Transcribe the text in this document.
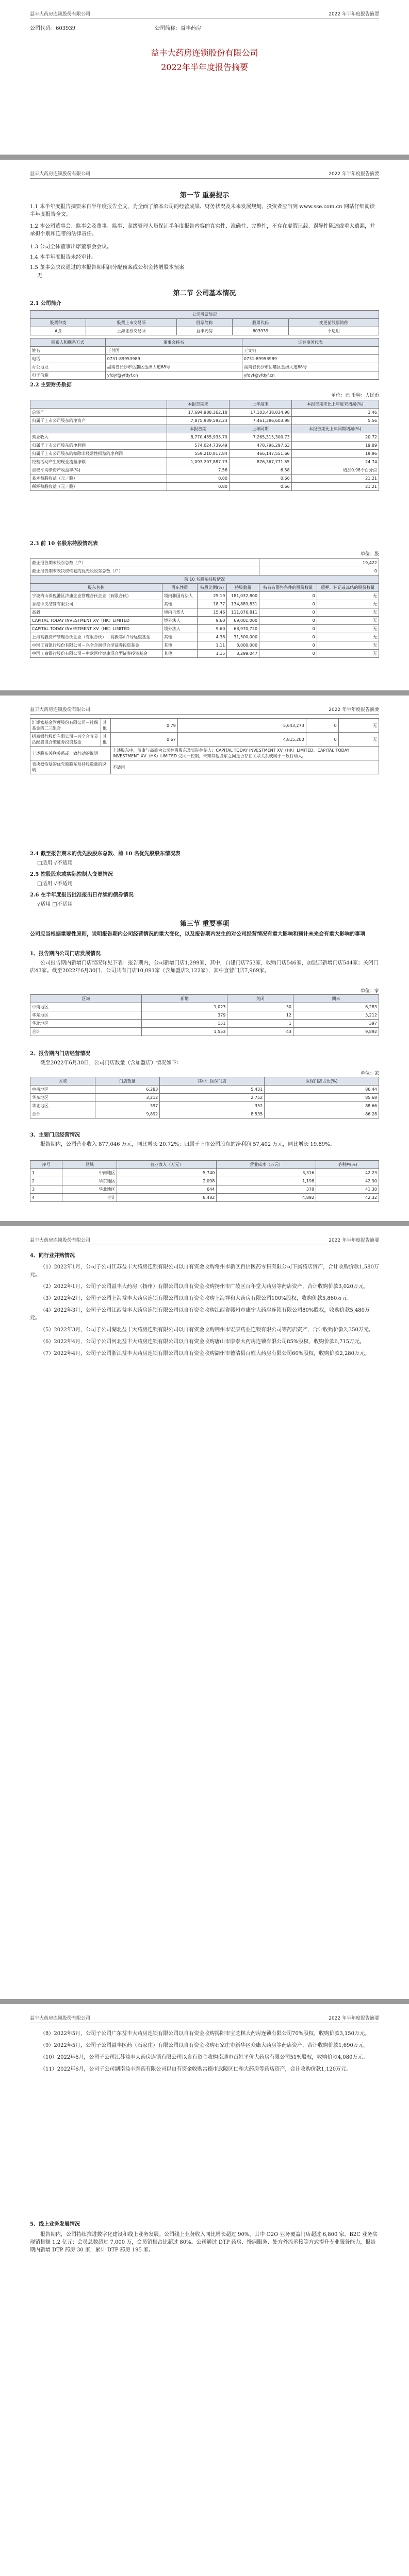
益丰大药房连锁股份有限公司	2022 年半年度报告摘要
公司代码：603939	公司简称：益丰药房
益丰大药房连锁股份有限公司
2022年半年度报告摘要
益丰大药房连锁股份有限公司	2022 年半年度报告摘要
第一节 重要提示
1.1 本半年度报告摘要来自半年度报告全文，为全面了解本公司的经营成果、财务状况及未来发展规划，投资者应当到 www.sse.com.cn 网站仔细阅读半年度报告全文。
1.2 本公司董事会、监事会及董事、监事、高级管理人员保证半年度报告内容的真实性、准确性、完整性，不存在虚假记载、误导性陈述或重大遗漏，并承担个别和连带的法律责任。
1.3 公司全体董事出席董事会会议。
1.4 本半年度报告未经审计。
1.5 董事会决议通过的本报告期利润分配预案或公积金转增股本预案
无
第二节 公司基本情况
2.1 公司简介
公司股票简况				
股票种类	股票上市交易所	股票简称	股票代码	变更前股票简称
A股	上海证券交易所	益丰药房	603939	不适用
联系人和联系方式	董事会秘书	证券事务代表
姓名	王付国	王文钿
电话	0731-89953989	0731-89953989
办公地址	湖南省长沙市岳麓区金洲大道68号	湖南省长沙市岳麓区金洲大道68号
电子信箱	yfdyf@yfdyf.cn	yfdyf@yfdyf.cn
2.2 主要财务数据
单位：元 币种：人民币
	本报告期末	上年度末	本报告期末比上年度末增减(%)
总资产	17,694,988,362.18	17,103,438,834.98	3.46
归属于上市公司股东的净资产	7,875,939,592.23	7,461,386,603.98	5.56
	本报告期	上年同期	本报告期比上年同期增减(%)
营业收入	8,770,455,935.79	7,265,315,300.73	20.72
归属于上市公司股东的净利润	574,024,739.49	478,796,297.63	19.89
归属于上市公司股东的扣除非经常性损益的净利润	559,210,817.84	466,147,551.66	19.96
经营活动产生的现金流量净额	1,093,207,887.73	876,367,771.55	24.74
加权平均净资产收益率(%)	7.56	6.58	增加0.98个百分点
基本每股收益（元／股）	0.80	0.66	21.21
稀释每股收益（元／股）	0.80	0.66	21.21
2.3 前 10 名股东持股情况表
单位：股
截止报告期末股东总数（户）				19,422	
截止报告期末表决权恢复的优先股股东总数（户）				0	
前 10 名股东持股情况					
股东名称	股东性质	持股比例(%)	持股数量	持有有限售条件的股份数量	质押、标记或冻结的股份数量
宁波梅山保税港区济康企业管理合伙企业（有限合伙）	境内非国有法人	25.19	181,032,800	0	无
香港中央结算有限公司	其他	18.77	134,889,831	0	无
高毅	境内自然人	15.46	111,076,811	0	无
CAPITAL TODAY INVESTMENT XV（HK）LIMITED	境外法人	9.60	69,001,000	0	无
CAPITAL TODAY INVESTMENT XV（HK）LIMITED	境外法人	9.60	68,970,720	0	无
上海高毅资产管理合伙企业（有限合伙）－高毅邻山1号远望基金	其他	4.38	31,500,000	0	无
中国工商银行股份有限公司－兴全合润混合型证券投资基金	其他	1.11	8,000,000	0	无
中国工商银行股份有限公司－中欧医疗健康混合型证券投资基金	其他	1.15	8,299,047	0	无
益丰大药房连锁股份有限公司	2022 年半年度报告摘要
汇添富基金管理股份有限公司－社保基金四二三组合	其他	0.79	5,643,273	0	无
招商银行股份有限公司－兴全合宜灵活配置混合型证券投资基金	其他	0.67	4,815,200	0	无
上述股东关联关系或一致行动的说明		上述股东中，济康与高毅为公司控股股东及实际控制人；CAPITAL TODAY INVESTMENT XV（HK）LIMITED、CAPITAL TODAY INVESTMENT XV（HK）LIMITED 受同一控制，未知其他股东之间是否存在关联关系或属于一致行动人。			
表决权恢复的优先股股东及持股数量的说明		不适用			
2.4 截至报告期末的优先股股东总数、前 10 名优先股股东情况表
□适用 √不适用
2.5 控股股东或实际控制人变更情况
□适用 √不适用
2.6 在半年度报告批准报出日存续的债券情况
√适用 □不适用
第三节 重要事项
公司应当根据重要性原则，说明报告期内公司经营情况的重大变化，以及报告期内发生的对公司经营情况有重大影响和预计未来会有重大影响的事项
1、报告期内公司门店发展情况
公司报告期内新增门店情况详见下表：报告期内，公司新增门店1,299家，其中，自建门店753家，收购门店546家，加盟店新增门店544家；关闭门店43家。截至2022年6月30日，公司共有门店10,091家（含加盟店2,122家），其中直营门店7,969家。
单位：家
区域	新增	关闭	期末
中南地区	1,023	30	6,283
华东地区	379	12	3,212
华北地区	151	1	397
合计	1,553	43	9,892
2、报告期内门店经营情况
截至2022年6月30日，公司门店数量（含加盟店）情况如下：
单位：家
区域	门店数量	其中：医保门店	医保门店占比(%)
中南地区	6,283	5,431	86.44
华东地区	3,212	2,752	85.68
华北地区	397	352	88.66
合计	9,892	8,535	86.28
3、主要门店经营情况
报告期内，公司营业收入 877,046 万元，同比增长 20.72%；归属于上市公司股东的净利润 57,402 万元，同比增长 19.89%。
序号	区域	营业收入（万元）	营业成本（万元）	毛利率(%)
1	中南地区	5,740	3,316	42.23
2	华东地区	2,098	1,198	42.90
3	华北地区	644	378	41.30
4	合计	8,482	4,892	42.32
益丰大药房连锁股份有限公司	2022 年半年度报告摘要
4、同行业并购情况
（1）2022年1月，公司子公司江苏益丰大药房连锁有限公司以自有资金收购常州市新区百信医药零售有限公司下属药店资产，合计收购价款1,580万元。
（2）2022年1月，公司子公司益丰大药房（扬州）有限公司以自有资金收购扬州市广陵区百年堂大药房等药店资产，合计收购价款3,020万元。
（3）2022年2月，公司子公司上海益丰大药房连锁有限公司以自有资金收购上海祥和大药房有限公司100%股权，收购价款5,860万元。
（4）2022年3月，公司子公司江西益丰大药房连锁有限公司以自有资金收购江西省赣州市康宁大药房连锁有限公司80%股权，收购价款5,480万元。
（5）2022年3月，公司子公司湖北益丰大药房连锁有限公司以自有资金收购荆州市宏康药业连锁有限公司等药店资产，合计收购价款2,350万元。
（6）2022年4月，公司子公司河北益丰大药房连锁有限公司以自有资金收购唐山市康泰大药房连锁有限公司85%股权，收购价款6,715万元。
（7）2022年4月，公司子公司浙江益丰大药房连锁有限公司以自有资金收购湖州市德清县百姓大药房有限公司60%股权，收购价款2,280万元。
益丰大药房连锁股份有限公司	2022 年半年度报告摘要
（8）2022年5月，公司子公司广东益丰大药房连锁有限公司以自有资金收购揭阳市宝芝林大药房连锁有限公司70%股权，收购价款3,150万元。
（9）2022年5月，公司子公司益丰医药（石家庄）有限公司以自有资金收购石家庄市新华区众康大药房等药店资产，合计收购价款1,690万元。
（10）2022年6月，公司子公司江苏益丰大药房连锁有限公司以自有资金收购南通市百姓平价大药房有限公司51%股权，收购价款4,080万元。
（11）2022年6月，公司子公司湖南益丰医药有限公司以自有资金收购常德市武陵区仁和大药房等药店资产，合计收购价款1,120万元。
5、线上业务发展情况
报告期内，公司持续推进数字化建设和线上业务发展。公司线上业务收入同比增长超过 90%，其中 O2O 业务覆盖门店超过 6,800 家，B2C 业务实现销售额 1.2 亿元；会员总数超过 7,000 万，会员销售占比超过 80%。公司通过 DTP 药房、慢病服务、处方外流承接等方式提升专业服务能力，报告期内新增 DTP 药房 30 家，累计 DTP 药房 195 家。
